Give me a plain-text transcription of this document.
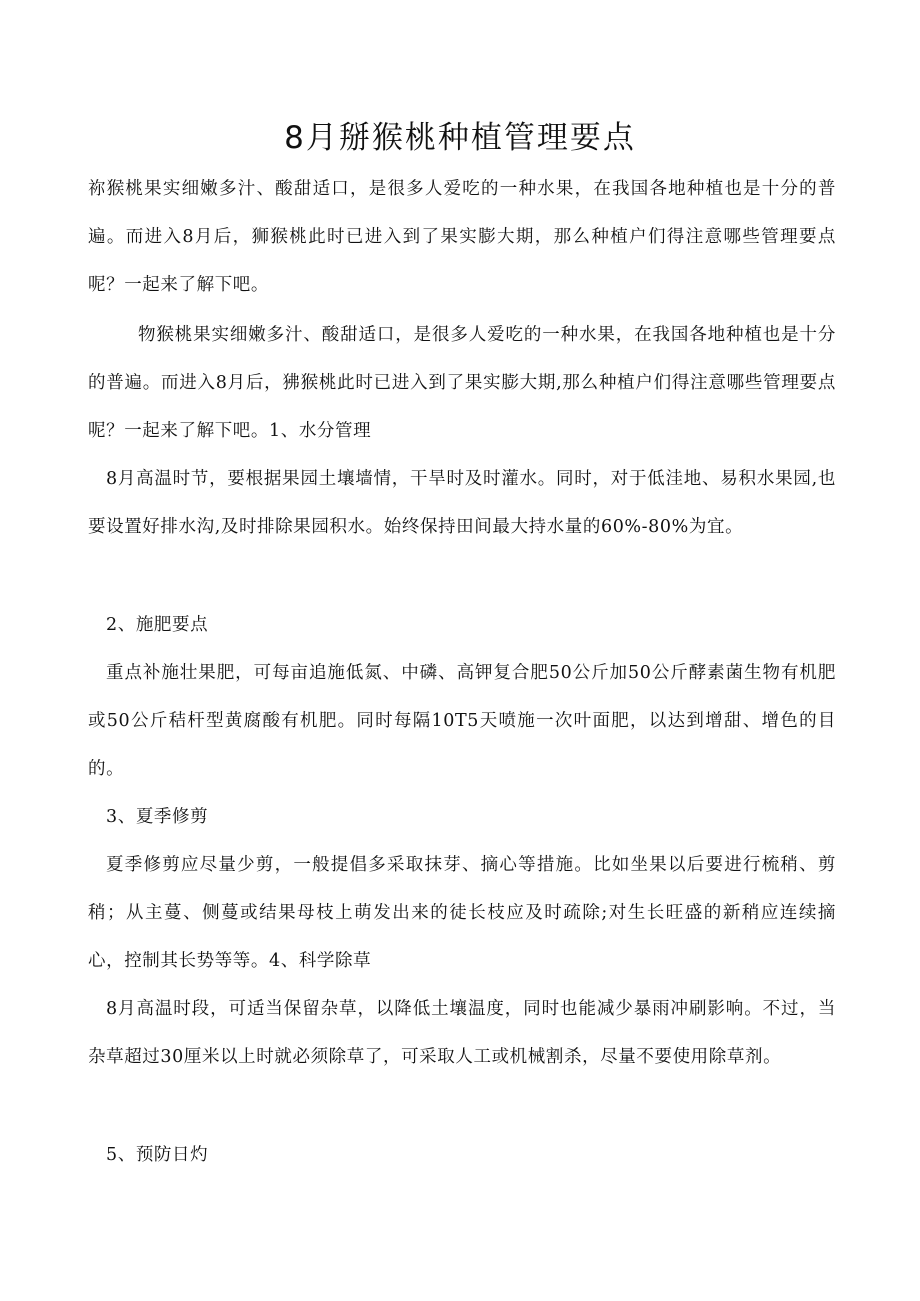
8月掰猴桃种植管理要点

祢猴桃果实细嫩多汁、酸甜适口，是很多人爱吃的一种水果，在我国各地种植也是十分的普遍。而进入8月后，狮猴桃此时已进入到了果实膨大期，那么种植户们得注意哪些管理要点呢？一起来了解下吧。

物猴桃果实细嫩多汁、酸甜适口，是很多人爱吃的一种水果，在我国各地种植也是十分的普遍。而进入8月后，狒猴桃此时已进入到了果实膨大期,那么种植户们得注意哪些管理要点呢？一起来了解下吧。1、水分管理

8月高温时节，要根据果园土壤墙情，干旱时及时灌水。同时，对于低洼地、易积水果园,也要设置好排水沟,及时排除果园积水。始终保持田间最大持水量的60%-80%为宜。

2、施肥要点

重点补施壮果肥，可每亩追施低氮、中磷、高钾复合肥50公斤加50公斤酵素菌生物有机肥或50公斤秸杆型黄腐酸有机肥。同时每隔10T5天喷施一次叶面肥，以达到增甜、增色的目的。

3、夏季修剪

夏季修剪应尽量少剪，一般提倡多采取抹芽、摘心等措施。比如坐果以后要进行梳稍、剪稍；从主蔓、侧蔓或结果母枝上萌发出来的徒长枝应及时疏除;对生长旺盛的新稍应连续摘心，控制其长势等等。4、科学除草

8月高温时段，可适当保留杂草，以降低土壤温度，同时也能减少暴雨冲刷影响。不过，当杂草超过30厘米以上时就必须除草了，可采取人工或机械割杀，尽量不要使用除草剂。

5、预防日灼
